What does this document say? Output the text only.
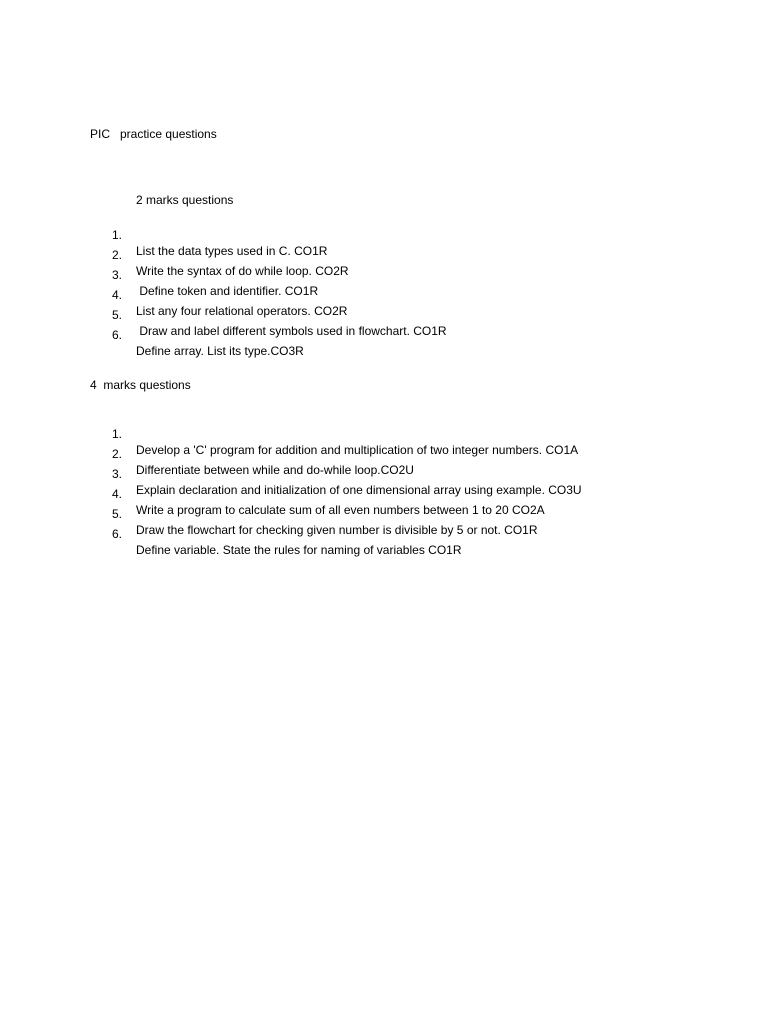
PIC   practice questions
2 marks questions

1.

List the data types used in C. CO1R

2.

Write the syntax of do while loop. CO2R

3.

Define token and identifier. CO1R

4.

List any four relational operators. CO2R

5.

Draw and label different symbols used in flowchart. CO1R

6.

Define array. List its type.CO3R

4  marks questions

1.

Develop a 'C' program for addition and multiplication of two integer numbers. CO1A

2.

Differentiate between while and do-while loop.CO2U

3.

Explain declaration and initialization of one dimensional array using example. CO3U

4.

Write a program to calculate sum of all even numbers between 1 to 20 CO2A

5.

Draw the flowchart for checking given number is divisible by 5 or not. CO1R

6.

Define variable. State the rules for naming of variables CO1R
